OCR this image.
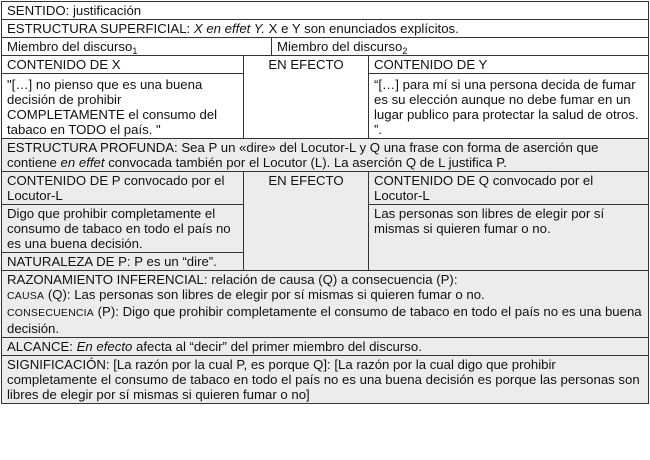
SENTIDO: justificación			
ESTRUCTURA SUPERFICIAL: X en effet Y. X e Y son enunciados explícitos.			
Miembro del discurso$_1$		Miembro del discurso$_2$
CONTENIDO DE X	EN EFECTO		CONTENIDO DE Y
"[…] no pienso que es una buena decisión de prohibir COMPLETAMENTE el consumo del tabaco en TODO el país. "			“[…] para mí si una persona decida de fumar es su elección aunque no debe fumar en un lugar publico para protectar la salud de otros. ”.
ESTRUCTURA PROFUNDA: Sea P un «dire» del Locutor-L y Q una frase con forma de aserción que contiene en effet convocada también por el Locutor (L). La aserción Q de L justifica P.			
CONTENIDO DE P convocado por el Locutor-L	EN EFECTO		CONTENIDO DE Q convocado por el Locutor-L
Digo que prohibir completamente el consumo de tabaco en todo el país no es una buena decisión.			Las personas son libres de elegir por sí mismas si quieren fumar o no.
NATURALEZA DE P: P es un “dire”.			

RAZONAMIENTO INFERENCIAL: relación de causa (Q) a consecuencia (P):
CAUSA (Q): Las personas son libres de elegir por sí mismas si quieren fumar o no.
CONSECUENCIA (P): Digo que prohibir completamente el consumo de tabaco en todo el país no es una buena decisión.			

ALCANCE: En efecto afecta al “decir” del primer miembro del discurso.			
SIGNIFICACIÓN: [La razón por la cual P, es porque Q]: [La razón por la cual digo que prohibir completamente el consumo de tabaco en todo el país no es una buena decisión es porque las personas son libres de elegir por sí mismas si quieren fumar o no]			
